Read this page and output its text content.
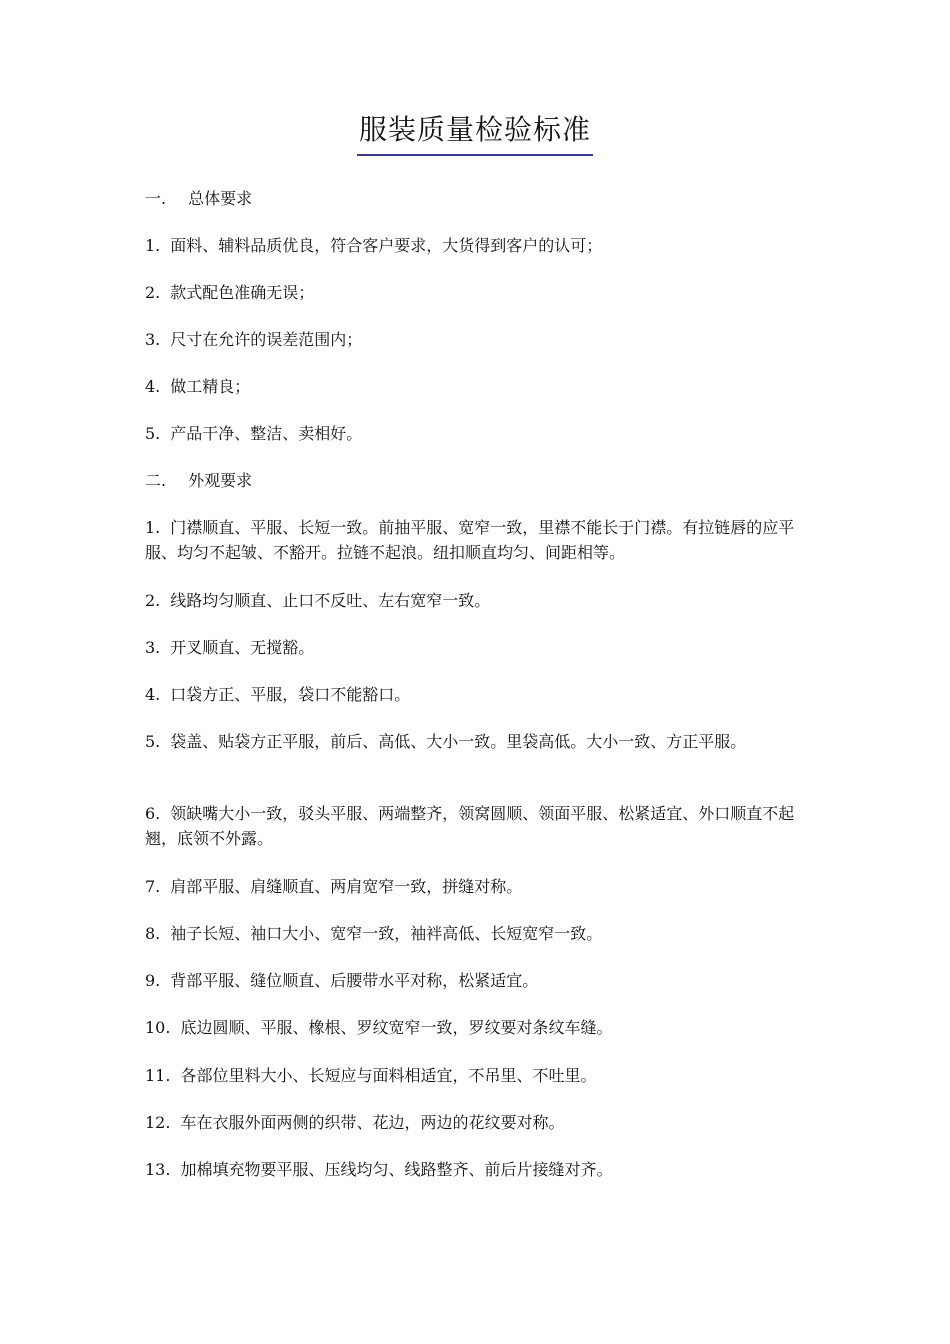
服装质量检验标准
一. 总体要求
1. 面料、辅料品质优良，符合客户要求，大货得到客户的认可；
2. 款式配色准确无误；
3. 尺寸在允许的误差范围内；
4. 做工精良；
5. 产品干净、整洁、卖相好。
二. 外观要求
1. 门襟顺直、平服、长短一致。前抽平服、宽窄一致，里襟不能长于门襟。有拉链唇的应平服、均匀不起皱、不豁开。拉链不起浪。纽扣顺直均匀、间距相等。
2. 线路均匀顺直、止口不反吐、左右宽窄一致。
3. 开叉顺直、无搅豁。
4. 口袋方正、平服，袋口不能豁口。
5. 袋盖、贴袋方正平服，前后、高低、大小一致。里袋高低。大小一致、方正平服。
6. 领缺嘴大小一致，驳头平服、两端整齐，领窝圆顺、领面平服、松紧适宜、外口顺直不起翘，底领不外露。
7. 肩部平服、肩缝顺直、两肩宽窄一致，拼缝对称。
8. 袖子长短、袖口大小、宽窄一致，袖袢高低、长短宽窄一致。
9. 背部平服、缝位顺直、后腰带水平对称，松紧适宜。
10. 底边圆顺、平服、橡根、罗纹宽窄一致，罗纹要对条纹车缝。
11. 各部位里料大小、长短应与面料相适宜，不吊里、不吐里。
12. 车在衣服外面两侧的织带、花边，两边的花纹要对称。
13. 加棉填充物要平服、压线均匀、线路整齐、前后片接缝对齐。
